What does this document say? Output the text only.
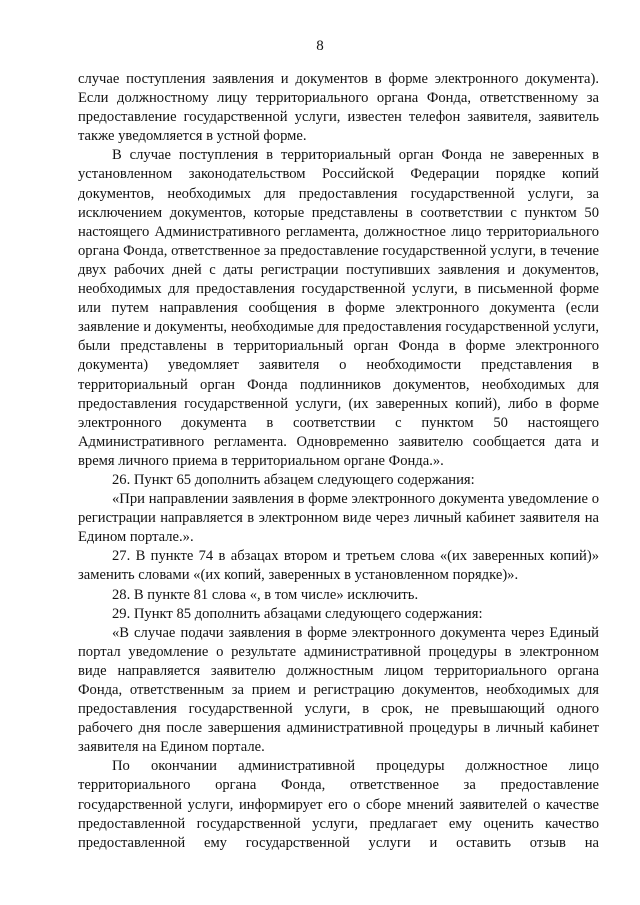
8

случае поступления заявления и документов в форме электронного документа). Если должностному лицу территориального органа Фонда, ответственному за предоставление государственной услуги, известен телефон заявителя, заявитель также уведомляется в устной форме.

В случае поступления в территориальный орган Фонда не заверенных в установленном законодательством Российской Федерации порядке копий документов, необходимых для предоставления государственной услуги, за исключением документов, которые представлены в соответствии с пунктом 50 настоящего Административного регламента, должностное лицо территориального органа Фонда, ответственное за предоставление государственной услуги, в течение двух рабочих дней с даты регистрации поступивших заявления и документов, необходимых для предоставления государственной услуги, в письменной форме или путем направления сообщения в форме электронного документа (если заявление и документы, необходимые для предоставления государственной услуги, были представлены в территориальный орган Фонда в форме электронного документа) уведомляет заявителя о необходимости представления в территориальный орган Фонда подлинников документов, необходимых для предоставления государственной услуги, (их заверенных копий), либо в форме электронного документа в соответствии с пунктом 50 настоящего Административного регламента. Одновременно заявителю сообщается дата и время личного приема в территориальном органе Фонда.».

26. Пункт 65 дополнить абзацем следующего содержания:

«При направлении заявления в форме электронного документа уведомление о регистрации направляется в электронном виде через личный кабинет заявителя на Едином портале.».

27. В пункте 74 в абзацах втором и третьем слова «(их заверенных копий)» заменить словами «(их копий, заверенных в установленном порядке)».

28. В пункте 81 слова «, в том числе» исключить.

29. Пункт 85 дополнить абзацами следующего содержания:

«В случае подачи заявления в форме электронного документа через Единый портал уведомление о результате административной процедуры в электронном виде направляется заявителю должностным лицом территориального органа Фонда, ответственным за прием и регистрацию документов, необходимых для предоставления государственной услуги, в срок, не превышающий одного рабочего дня после завершения административной процедуры в личный кабинет заявителя на Едином портале.

По окончании административной процедуры должностное лицо территориального органа Фонда, ответственное за предоставление государственной услуги, информирует его о сборе мнений заявителей о качестве предоставленной государственной услуги, предлагает ему оценить качество предоставленной ему государственной услуги и оставить отзыв на
